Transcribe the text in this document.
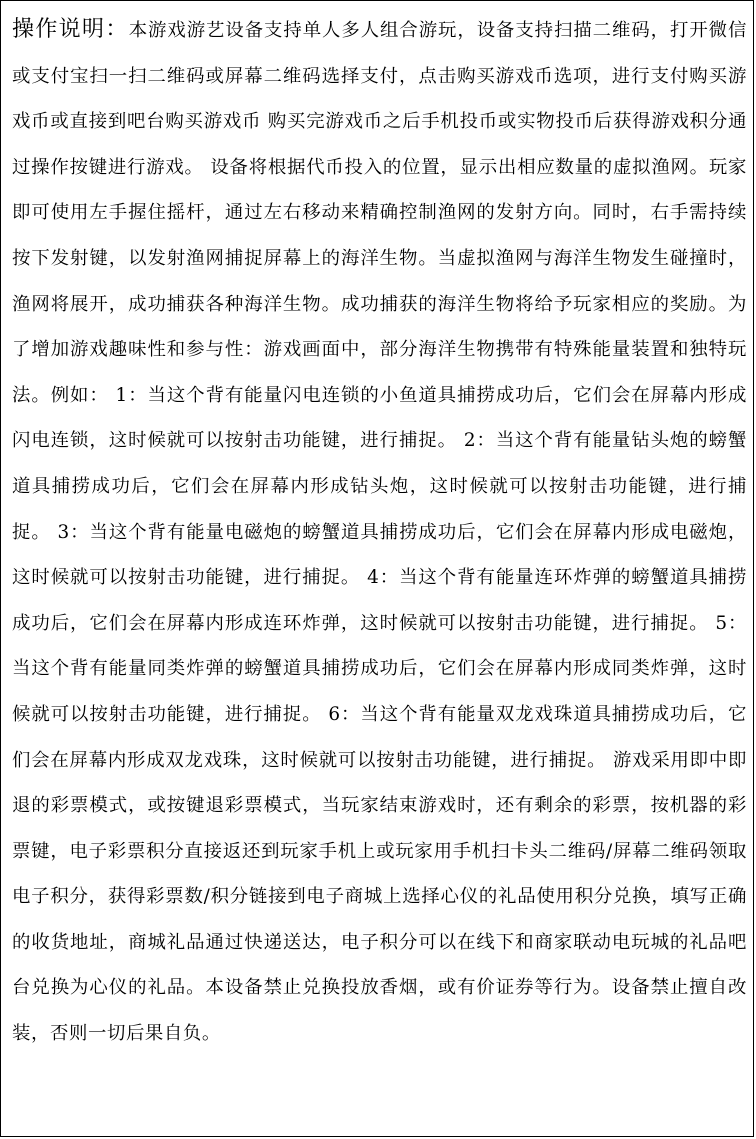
操作说明：本游戏游艺设备支持单人多人组合游玩，设备支持扫描二维码，打开微信或支付宝扫一扫二维码或屏幕二维码选择支付，点击购买游戏币选项，进行支付购买游戏币或直接到吧台购买游戏币 购买完游戏币之后手机投币或实物投币后获得游戏积分通过操作按键进行游戏。 设备将根据代币投入的位置，显示出相应数量的虚拟渔网。玩家即可使用左手握住摇杆，通过左右移动来精确控制渔网的发射方向。同时，右手需持续按下发射键，以发射渔网捕捉屏幕上的海洋生物。当虚拟渔网与海洋生物发生碰撞时，渔网将展开，成功捕获各种海洋生物。成功捕获的海洋生物将给予玩家相应的奖励。为了增加游戏趣味性和参与性：游戏画面中，部分海洋生物携带有特殊能量装置和独特玩法。例如： 1：当这个背有能量闪电连锁的小鱼道具捕捞成功后，它们会在屏幕内形成闪电连锁，这时候就可以按射击功能键，进行捕捉。 2：当这个背有能量钻头炮的螃蟹道具捕捞成功后，它们会在屏幕内形成钻头炮，这时候就可以按射击功能键，进行捕捉。 3：当这个背有能量电磁炮的螃蟹道具捕捞成功后，它们会在屏幕内形成电磁炮，这时候就可以按射击功能键，进行捕捉。 4：当这个背有能量连环炸弹的螃蟹道具捕捞成功后，它们会在屏幕内形成连环炸弹，这时候就可以按射击功能键，进行捕捉。 5：当这个背有能量同类炸弹的螃蟹道具捕捞成功后，它们会在屏幕内形成同类炸弹，这时候就可以按射击功能键，进行捕捉。 6：当这个背有能量双龙戏珠道具捕捞成功后，它们会在屏幕内形成双龙戏珠，这时候就可以按射击功能键，进行捕捉。 游戏采用即中即退的彩票模式，或按键退彩票模式，当玩家结束游戏时，还有剩余的彩票，按机器的彩票键，电子彩票积分直接返还到玩家手机上或玩家用手机扫卡头二维码/屏幕二维码领取电子积分，获得彩票数/积分链接到电子商城上选择心仪的礼品使用积分兑换，填写正确的收货地址，商城礼品通过快递送达，电子积分可以在线下和商家联动电玩城的礼品吧台兑换为心仪的礼品。本设备禁止兑换投放香烟，或有价证券等行为。设备禁止擅自改装，否则一切后果自负。
